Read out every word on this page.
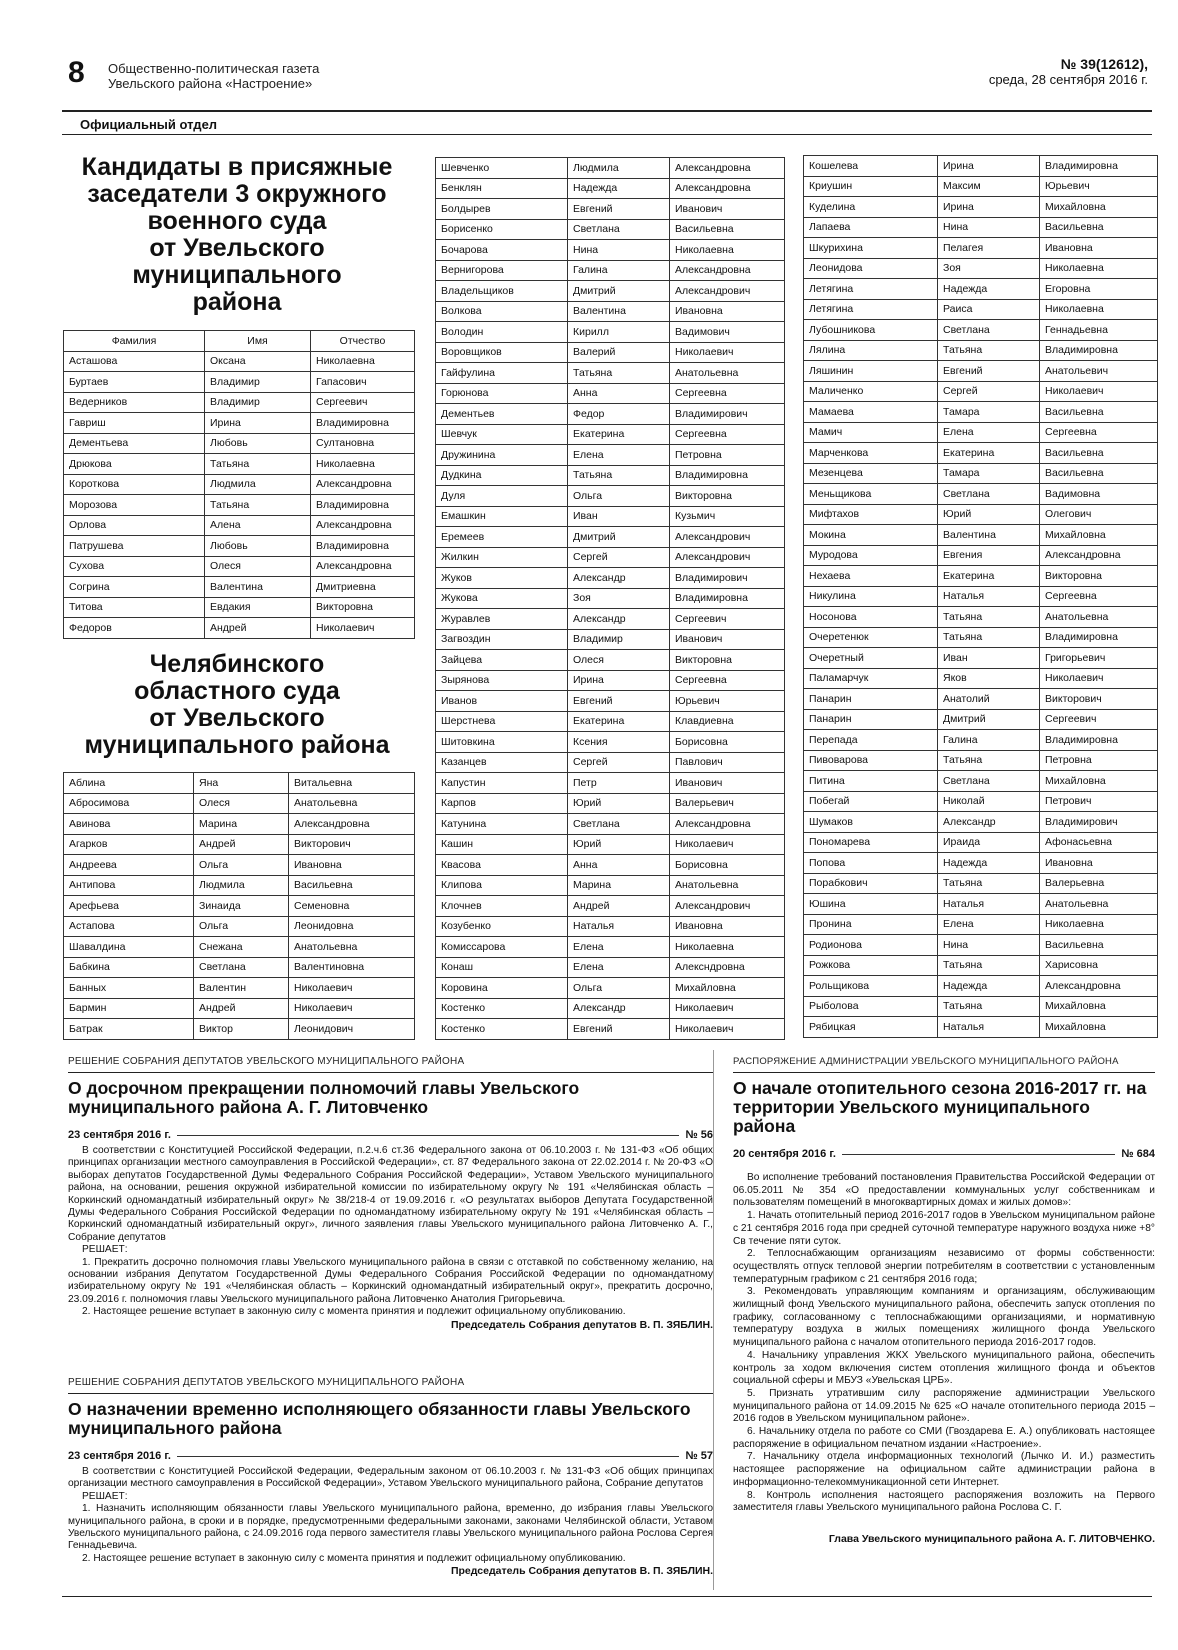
8 Общественно-политическая газета
Увельского района «Настроение»
№ 39(12612),
среда, 28 сентября 2016 г.
Официальный отдел
Кандидаты в присяжные
заседатели 3 окружного
военного суда
от Увельского
муниципального
района
Фамилия	Имя	Отчество
Асташова	Оксана	Николаевна
Буртаев	Владимир	Гапасович
Ведерников	Владимир	Сергеевич
Гавриш	Ирина	Владимировна
Дементьева	Любовь	Султановна
Дрюкова	Татьяна	Николаевна
Короткова	Людмила	Александровна
Морозова	Татьяна	Владимировна
Орлова	Алена	Александровна
Патрушева	Любовь	Владимировна
Сухова	Олеся	Александровна
Согрина	Валентина	Дмитриевна
Титова	Евдакия	Викторовна
Федоров	Андрей	Николаевич
Челябинского
областного суда
от Увельского
муниципального района
Аблина	Яна	Витальевна
Абросимова	Олеся	Анатольевна
Авинова	Марина	Александровна
Агарков	Андрей	Викторович
Андреева	Ольга	Ивановна
Антипова	Людмила	Васильевна
Арефьева	Зинаида	Семеновна
Астапова	Ольга	Леонидовна
Шавалдина	Снежана	Анатольевна
Бабкина	Светлана	Валентиновна
Банных	Валентин	Николаевич
Бармин	Андрей	Николаевич
Батрак	Виктор	Леонидович
Шевченко	Людмила	Александровна
Бенклян	Надежда	Александровна
Болдырев	Евгений	Иванович
Борисенко	Светлана	Васильевна
Бочарова	Нина	Николаевна
Вернигорова	Галина	Александровна
Владельщиков	Дмитрий	Александрович
Волкова	Валентина	Ивановна
Володин	Кирилл	Вадимович
Воровщиков	Валерий	Николаевич
Гайфулина	Татьяна	Анатольевна
Горюнова	Анна	Сергеевна
Дементьев	Федор	Владимирович
Шевчук	Екатерина	Сергеевна
Дружинина	Елена	Петровна
Дудкина	Татьяна	Владимировна
Дуля	Ольга	Викторовна
Емашкин	Иван	Кузьмич
Еремеев	Дмитрий	Александрович
Жилкин	Сергей	Александрович
Жуков	Александр	Владимирович
Жукова	Зоя	Владимировна
Журавлев	Александр	Сергеевич
Загвоздин	Владимир	Иванович
Зайцева	Олеся	Викторовна
Зырянова	Ирина	Сергеевна
Иванов	Евгений	Юрьевич
Шерстнева	Екатерина	Клавдиевна
Шитовкина	Ксения	Борисовна
Казанцев	Сергей	Павлович
Капустин	Петр	Иванович
Карпов	Юрий	Валерьевич
Катунина	Светлана	Александровна
Кашин	Юрий	Николаевич
Квасова	Анна	Борисовна
Клипова	Марина	Анатольевна
Клочнев	Андрей	Александрович
Козубенко	Наталья	Ивановна
Комиссарова	Елена	Николаевна
Конаш	Елена	Алексндровна
Коровина	Ольга	Михайловна
Костенко	Александр	Николаевич
Костенко	Евгений	Николаевич
Кошелева	Ирина	Владимировна
Криушин	Максим	Юрьевич
Куделина	Ирина	Михайловна
Лапаева	Нина	Васильевна
Шкурихина	Пелагея	Ивановна
Леонидова	Зоя	Николаевна
Летягина	Надежда	Егоровна
Летягина	Раиса	Николаевна
Лубошникова	Светлана	Геннадьевна
Лялина	Татьяна	Владимировна
Ляшинин	Евгений	Анатольевич
Маличенко	Сергей	Николаевич
Мамаева	Тамара	Васильевна
Мамич	Елена	Сергеевна
Марченкова	Екатерина	Васильевна
Мезенцева	Тамара	Васильевна
Меньщикова	Светлана	Вадимовна
Мифтахов	Юрий	Олегович
Мокина	Валентина	Михайловна
Муродова	Евгения	Александровна
Нехаева	Екатерина	Викторовна
Никулина	Наталья	Сергеевна
Носонова	Татьяна	Анатольевна
Очеретенюк	Татьяна	Владимировна
Очеретный	Иван	Григорьевич
Паламарчук	Яков	Николаевич
Панарин	Анатолий	Викторович
Панарин	Дмитрий	Сергеевич
Перепада	Галина	Владимировна
Пивоварова	Татьяна	Петровна
Питина	Светлана	Михайловна
Побегай	Николай	Петрович
Шумаков	Александр	Владимирович
Пономарева	Ираида	Афонасьевна
Попова	Надежда	Ивановна
Порабкович	Татьяна	Валерьевна
Юшина	Наталья	Анатольевна
Пронина	Елена	Николаевна
Родионова	Нина	Васильевна
Рожкова	Татьяна	Харисовна
Рольщикова	Надежда	Александровна
Рыболова	Татьяна	Михайловна
Рябицкая	Наталья	Михайловна
РЕШЕНИЕ СОБРАНИЯ ДЕПУТАТОВ УВЕЛЬСКОГО МУНИЦИПАЛЬНОГО РАЙОНА
О досрочном прекращении полномочий главы Увельского муниципального района А. Г. Литовченко
23 сентября 2016 г.	№ 56

В соответствии с Конституцией Российской Федерации, п.2.ч.6 ст.36 Федерального закона от 06.10.2003 г. № 131-ФЗ «Об общих принципах организации местного самоуправления в Российской Федерации», ст. 87 Федерального закона от 22.02.2014 г. № 20-ФЗ «О выборах депутатов Государственной Думы Федерального Собрания Российской Федерации», Уставом Увельского муниципального района, на основании, решения окружной избирательной комиссии по избирательному округу № 191 «Челябинская область – Коркинский одномандатный избирательный округ» № 38/218-4 от 19.09.2016 г. «О результатах выборов Депутата Государственной Думы Федерального Собрания Российской Федерации по одномандатному избирательному округу № 191 «Челябинская область – Коркинский одномандатный избирательный округ», личного заявления главы Увельского муниципального района Литовченко А. Г., Собрание депутатов

РЕШАЕТ:

1. Прекратить досрочно полномочия главы Увельского муниципального района в связи с отставкой по собственному желанию, на основании избрания Депутатом Государственной Думы Федерального Собрания Российской Федерации по одномандатному избирательному округу № 191 «Челябинская область – Коркинский одномандатный избирательный округ», прекратить досрочно, 23.09.2016 г. полномочия главы Увельского муниципального района Литовченко Анатолия Григорьевича.

2. Настоящее решение вступает в законную силу с момента принятия и подлежит официальному опубликованию.

Председатель Собрания депутатов В. П. ЗЯБЛИН.
РЕШЕНИЕ СОБРАНИЯ ДЕПУТАТОВ УВЕЛЬСКОГО МУНИЦИПАЛЬНОГО РАЙОНА
О назначении временно исполняющего обязанности главы Увельского муниципального района
23 сентября 2016 г.	№ 57

В соответствии с Конституцией Российской Федерации, Федеральным законом от 06.10.2003 г. № 131-ФЗ «Об общих принципах организации местного самоуправления в Российской Федерации», Уставом Увельского муниципального района, Собрание депутатов

РЕШАЕТ:

1. Назначить исполняющим обязанности главы Увельского муниципального района, временно, до избрания главы Увельского муниципального района, в сроки и в порядке, предусмотренными федеральными законами, законами Челябинской области, Уставом Увельского муниципального района, с 24.09.2016 года первого заместителя главы Увельского муниципального района Рослова Сергея Геннадьевича.

2. Настоящее решение вступает в законную силу с момента принятия и подлежит официальному опубликованию.

Председатель Собрания депутатов В. П. ЗЯБЛИН.
РАСПОРЯЖЕНИЕ АДМИНИСТРАЦИИ УВЕЛЬСКОГО МУНИЦИПАЛЬНОГО РАЙОНА
О начале отопительного сезона 2016-2017 гг. на территории Увельского муниципального района
20 сентября 2016 г.	№ 684

Во исполнение требований постановления Правительства Российской Федерации от 06.05.2011 № 354 «О предоставлении коммунальных услуг собственникам и пользователям помещений в многоквартирных домах и жилых домов»:

1. Начать отопительный период 2016-2017 годов в Увельском муниципальном районе с 21 сентября 2016 года при средней суточной температуре наружного воздуха ниже +8° Св течение пяти суток.

2. Теплоснабжающим организациям независимо от формы собственности: осуществлять отпуск тепловой энергии потребителям в соответствии с установленным температурным графиком с 21 сентября 2016 года;

3. Рекомендовать управляющим компаниям и организациям, обслуживающим жилищный фонд Увельского муниципального района, обеспечить запуск отопления по графику, согласованному с теплоснабжающими организациями, и нормативную температуру воздуха в жилых помещениях жилищного фонда Увельского муниципального района с началом отопительного периода 2016-2017 годов.

4. Начальнику управления ЖКХ Увельского муниципального района, обеспечить контроль за ходом включения систем отопления жилищного фонда и объектов социальной сферы и МБУЗ «Увельская ЦРБ».

5. Признать утратившим силу распоряжение администрации Увельского муниципального района от 14.09.2015 № 625 «О начале отопительного периода 2015 – 2016 годов в Увельском муниципальном районе».

6. Начальнику отдела по работе со СМИ (Гвоздарева Е. А.) опубликовать настоящее распоряжение в официальном печатном издании «Настроение».

7. Начальнику отдела информационных технологий (Лычко И. И.) разместить настоящее распоряжение на официальном сайте администрации района в информационно-телекоммуникационной сети Интернет.

8. Контроль исполнения настоящего распоряжения возложить на Первого заместителя главы Увельского муниципального района Рослова С. Г.

Глава Увельского муниципального района А. Г. ЛИТОВЧЕНКО.
